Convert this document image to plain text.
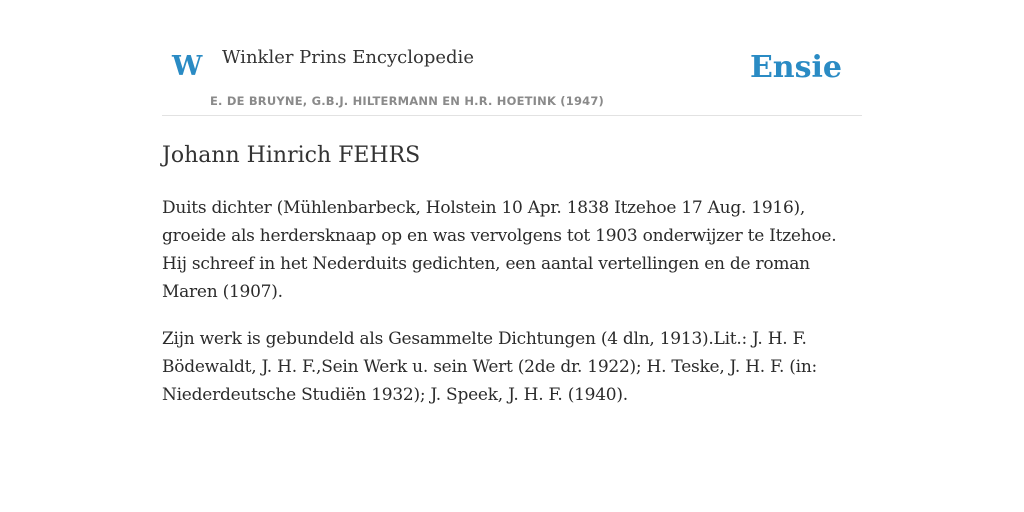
W Winkler Prins Encyclopedie
E. DE BRUYNE, G.B.J. HILTERMANN EN H.R. HOETINK (1947)
Ensie
Johann Hinrich FEHRS

Duits dichter (Mühlenbarbeck, Holstein 10 Apr. 1838 Itzehoe 17 Aug. 1916), groeide als herdersknaap op en was vervolgens tot 1903 onderwijzer te Itzehoe. Hij schreef in het Nederduits gedichten, een aantal vertellingen en de roman Maren (1907).

Zijn werk is gebundeld als Gesammelte Dichtungen (4 dln, 1913).Lit.: J. H. F. Bödewaldt, J. H. F.,Sein Werk u. sein Wert (2de dr. 1922); H. Teske, J. H. F. (in: Niederdeutsche Studiën 1932); J. Speek, J. H. F. (1940).
